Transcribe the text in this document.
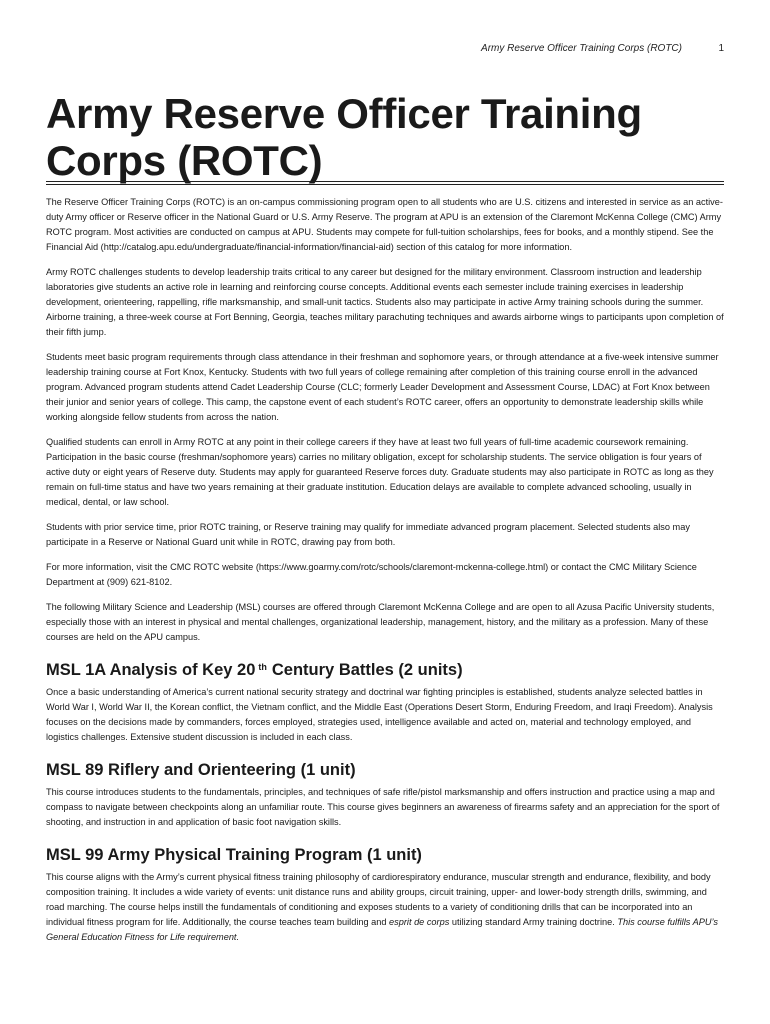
Army Reserve Officer Training Corps (ROTC)	1
Army Reserve Officer Training Corps (ROTC)

The Reserve Officer Training Corps (ROTC) is an on-campus commissioning program open to all students who are U.S. citizens and interested in service as an active-duty Army officer or Reserve officer in the National Guard or U.S. Army Reserve. The program at APU is an extension of the Claremont McKenna College (CMC) Army ROTC program. Most activities are conducted on campus at APU. Students may compete for full-tuition scholarships, fees for books, and a monthly stipend. See the Financial Aid (http://catalog.apu.edu/undergraduate/financial-information/financial-aid) section of this catalog for more information.

Army ROTC challenges students to develop leadership traits critical to any career but designed for the military environment. Classroom instruction and leadership laboratories give students an active role in learning and reinforcing course concepts. Additional events each semester include training exercises in leadership development, orienteering, rappelling, rifle marksmanship, and small-unit tactics. Students also may participate in active Army training schools during the summer. Airborne training, a three-week course at Fort Benning, Georgia, teaches military parachuting techniques and awards airborne wings to participants upon completion of their fifth jump.

Students meet basic program requirements through class attendance in their freshman and sophomore years, or through attendance at a five-week intensive summer leadership training course at Fort Knox, Kentucky. Students with two full years of college remaining after completion of this training course enroll in the advanced program. Advanced program students attend Cadet Leadership Course (CLC; formerly Leader Development and Assessment Course, LDAC) at Fort Knox between their junior and senior years of college. This camp, the capstone event of each student’s ROTC career, offers an opportunity to demonstrate leadership skills while working alongside fellow students from across the nation.

Qualified students can enroll in Army ROTC at any point in their college careers if they have at least two full years of full-time academic coursework remaining. Participation in the basic course (freshman/sophomore years) carries no military obligation, except for scholarship students. The service obligation is four years of active duty or eight years of Reserve duty. Students may apply for guaranteed Reserve forces duty. Graduate students may also participate in ROTC as long as they remain on full-time status and have two years remaining at their graduate institution. Education delays are available to complete advanced schooling, usually in medical, dental, or law school.

Students with prior service time, prior ROTC training, or Reserve training may qualify for immediate advanced program placement. Selected students also may participate in a Reserve or National Guard unit while in ROTC, drawing pay from both.

For more information, visit the CMC ROTC website (https://www.goarmy.com/rotc/schools/claremont-mckenna-college.html) or contact the CMC Military Science Department at (909) 621-8102.

The following Military Science and Leadership (MSL) courses are offered through Claremont McKenna College and are open to all Azusa Pacific University students, especially those with an interest in physical and mental challenges, organizational leadership, management, history, and the military as a profession. Many of these courses are held on the APU campus.

MSL 1A Analysis of Key 20 $^{th}$ Century Battles (2 units)

Once a basic understanding of America’s current national security strategy and doctrinal war fighting principles is established, students analyze selected battles in World War I, World War II, the Korean conflict, the Vietnam conflict, and the Middle East (Operations Desert Storm, Enduring Freedom, and Iraqi Freedom). Analysis focuses on the decisions made by commanders, forces employed, strategies used, intelligence available and acted on, material and technology employed, and logistics challenges. Extensive student discussion is included in each class.

MSL 89 Riflery and Orienteering (1 unit)

This course introduces students to the fundamentals, principles, and techniques of safe rifle/pistol marksmanship and offers instruction and practice using a map and compass to navigate between checkpoints along an unfamiliar route. This course gives beginners an awareness of firearms safety and an appreciation for the sport of shooting, and instruction in and application of basic foot navigation skills.

MSL 99 Army Physical Training Program (1 unit)

This course aligns with the Army’s current physical fitness training philosophy of cardiorespiratory endurance, muscular strength and endurance, flexibility, and body composition training. It includes a wide variety of events: unit distance runs and ability groups, circuit training, upper- and lower-body strength drills, swimming, and road marching. The course helps instill the fundamentals of conditioning and exposes students to a variety of conditioning drills that can be incorporated into an individual fitness program for life. Additionally, the course teaches team building and esprit de corps utilizing standard Army training doctrine. This course fulfills APU’s General Education Fitness for Life requirement.
